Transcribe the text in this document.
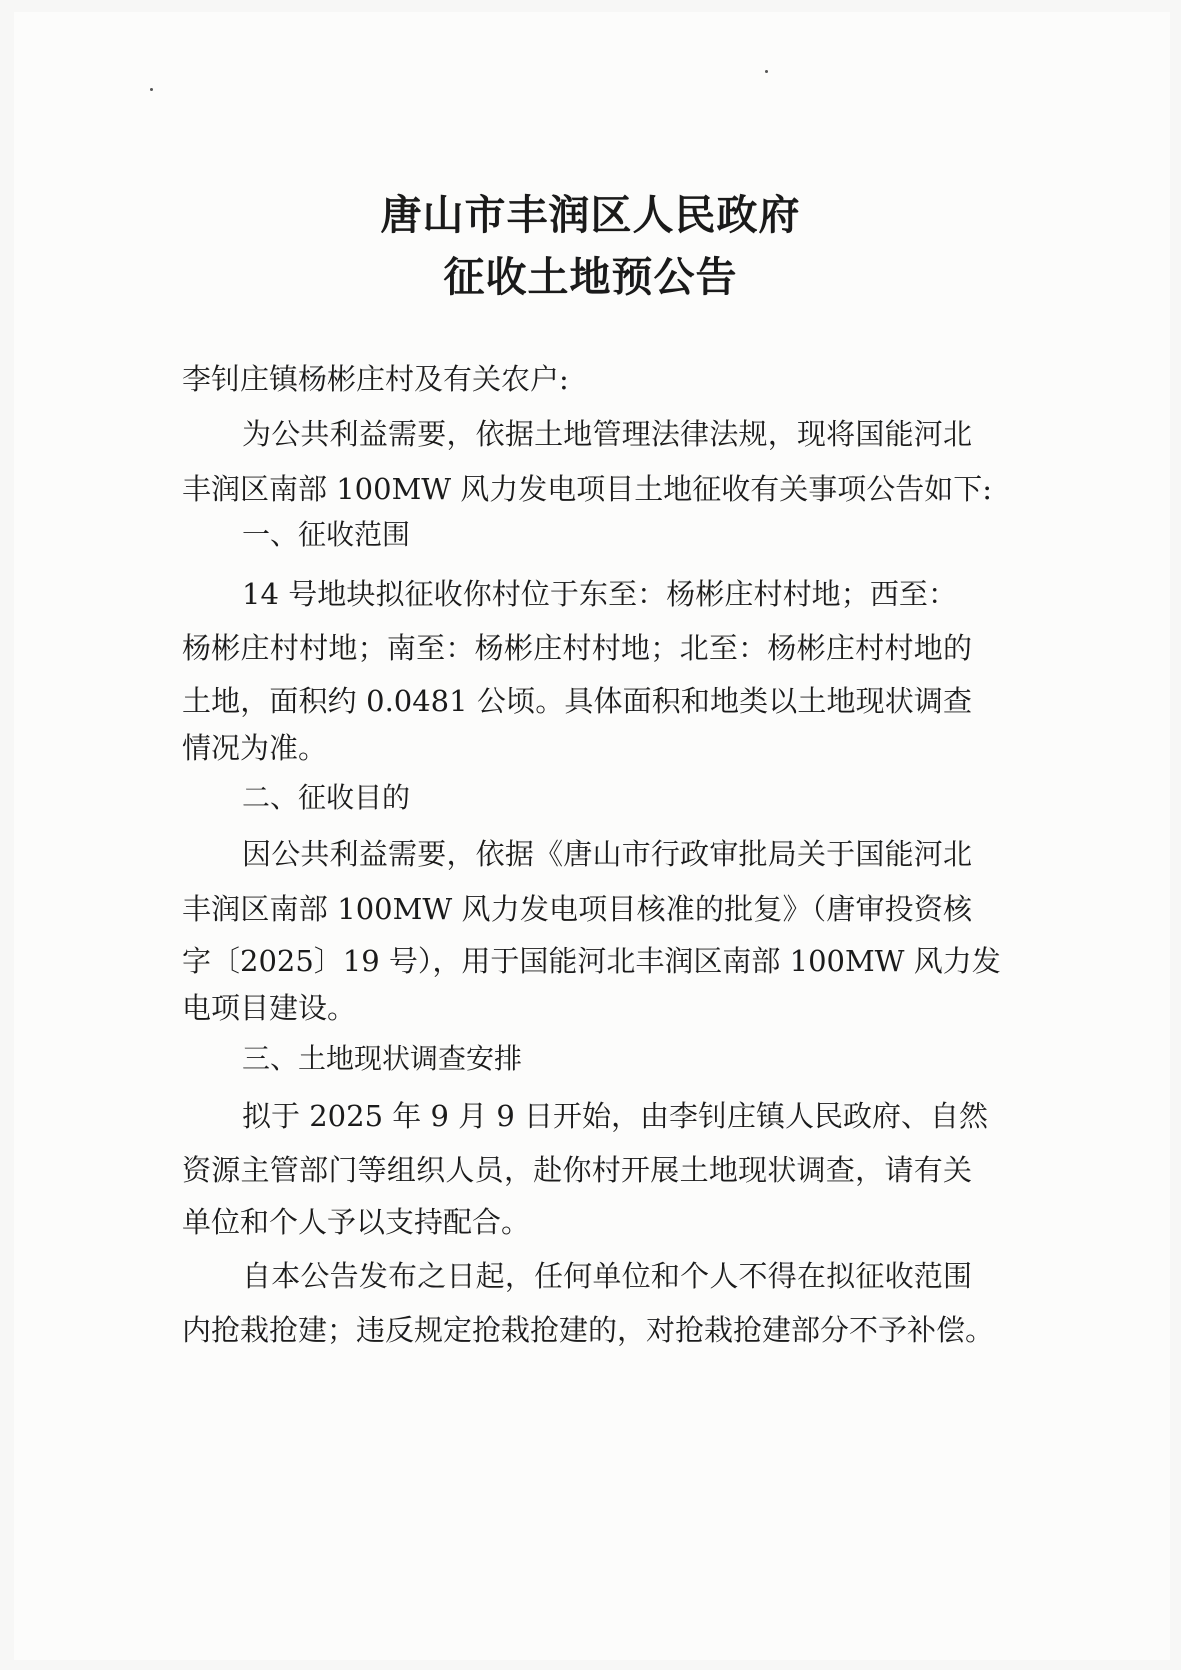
唐山市丰润区人民政府
征收土地预公告

李钊庄镇杨彬庄村及有关农户:

为公共利益需要，依据土地管理法律法规，现将国能河北

丰润区南部 100MW 风力发电项目土地征收有关事项公告如下:

一、征收范围

14 号地块拟征收你村位于东至：杨彬庄村村地；西至：

杨彬庄村村地；南至：杨彬庄村村地；北至：杨彬庄村村地的

土地，面积约 0.0481 公顷。具体面积和地类以土地现状调查

情况为准。

二、征收目的

因公共利益需要，依据《唐山市行政审批局关于国能河北

丰润区南部 100MW 风力发电项目核准的批复》（唐审投资核

字〔2025〕19 号），用于国能河北丰润区南部 100MW 风力发

电项目建设。

三、土地现状调查安排

拟于 2025 年 9 月 9 日开始，由李钊庄镇人民政府、自然

资源主管部门等组织人员，赴你村开展土地现状调查，请有关

单位和个人予以支持配合。

自本公告发布之日起，任何单位和个人不得在拟征收范围

内抢栽抢建；违反规定抢栽抢建的，对抢栽抢建部分不予补偿。
